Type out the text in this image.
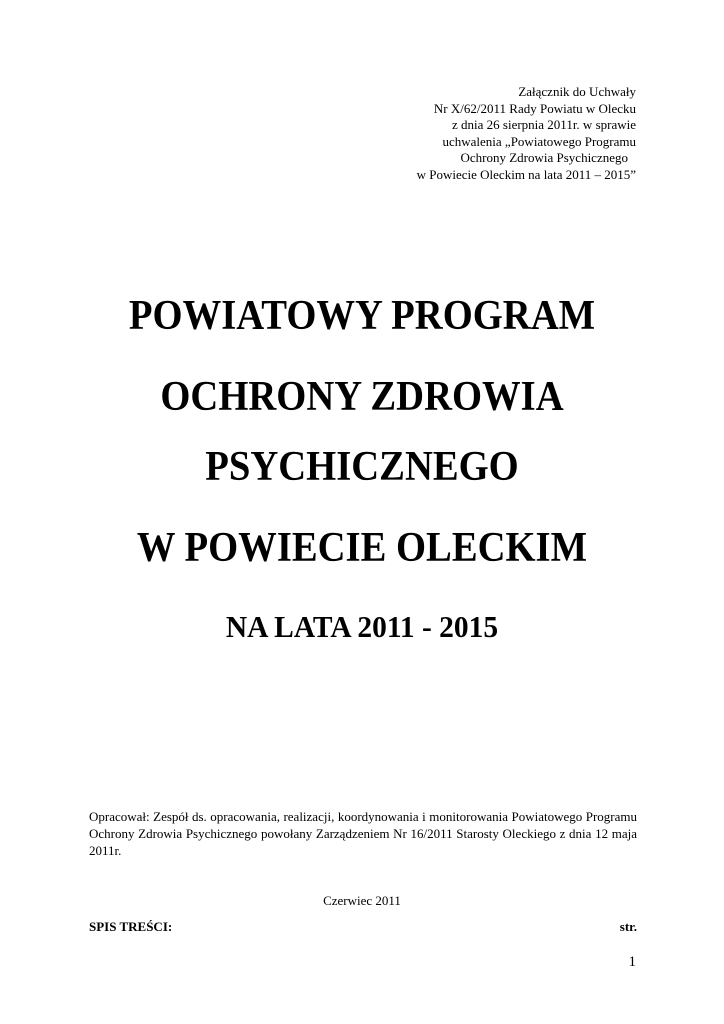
Załącznik do Uchwały
Nr X/62/2011 Rady Powiatu w Olecku
z dnia 26 sierpnia 2011r. w sprawie
uchwalenia „Powiatowego Programu
Ochrony Zdrowia Psychicznego
w Powiecie Oleckim na lata 2011 – 2015”
POWIATOWY PROGRAM
OCHRONY ZDROWIA
PSYCHICZNEGO
W POWIECIE OLECKIM
NA LATA 2011 - 2015
Opracował: Zespół ds. opracowania, realizacji, koordynowania i monitorowania Powiatowego Programu Ochrony Zdrowia Psychicznego powołany Zarządzeniem Nr 16/2011 Starosty Oleckiego z dnia 12 maja 2011r.
Czerwiec 2011
SPIS TREŚCI:	str.
1
